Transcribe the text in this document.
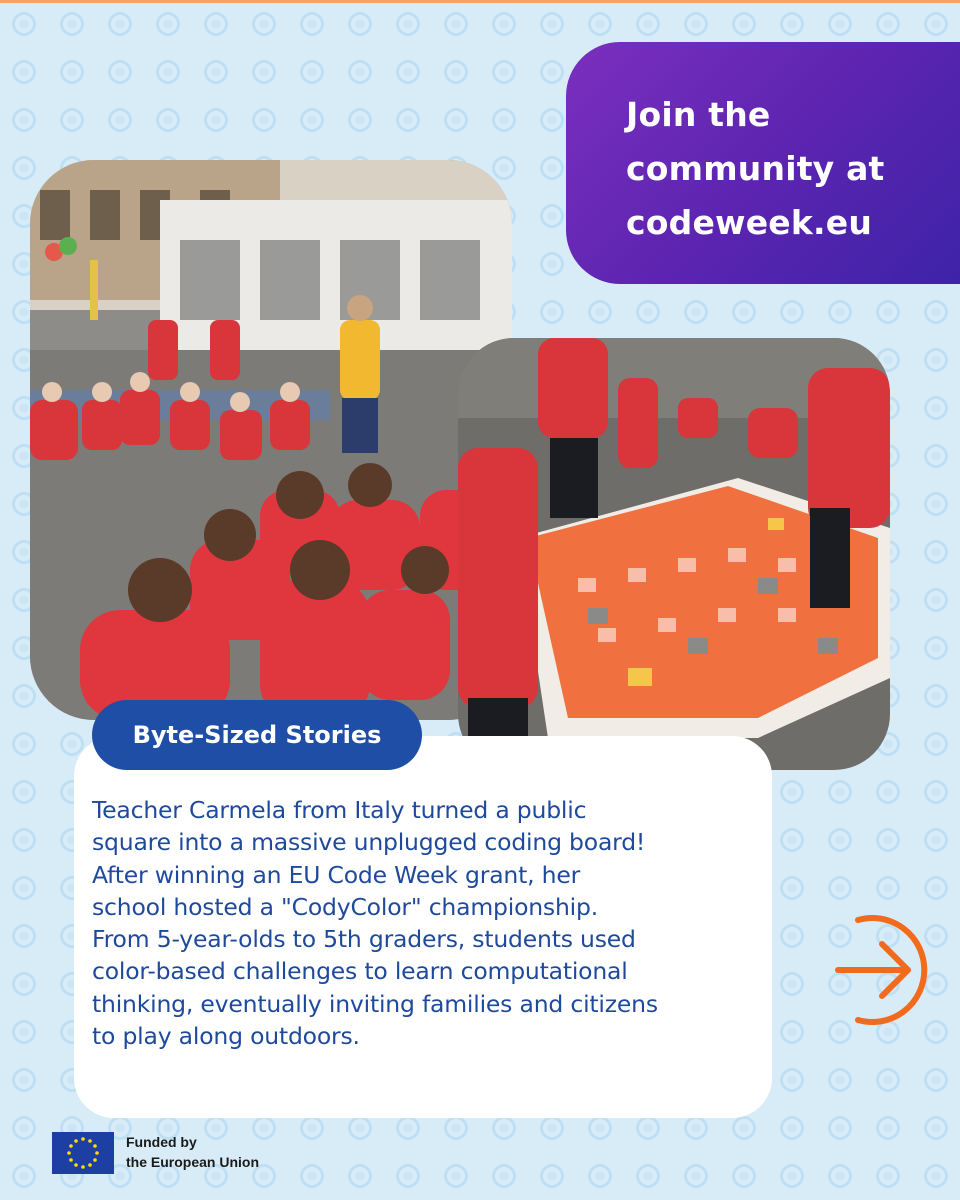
Join the
community at
codeweek.eu

Teacher Carmela from Italy turned a public
square into a massive unplugged coding board!
After winning an EU Code Week grant, her
school hosted a "CodyColor" championship.
From 5-year-olds to 5th graders, students used
color-based challenges to learn computational
thinking, eventually inviting families and citizens
to play along outdoors.

Byte-Sized Stories

Funded by
the European Union
